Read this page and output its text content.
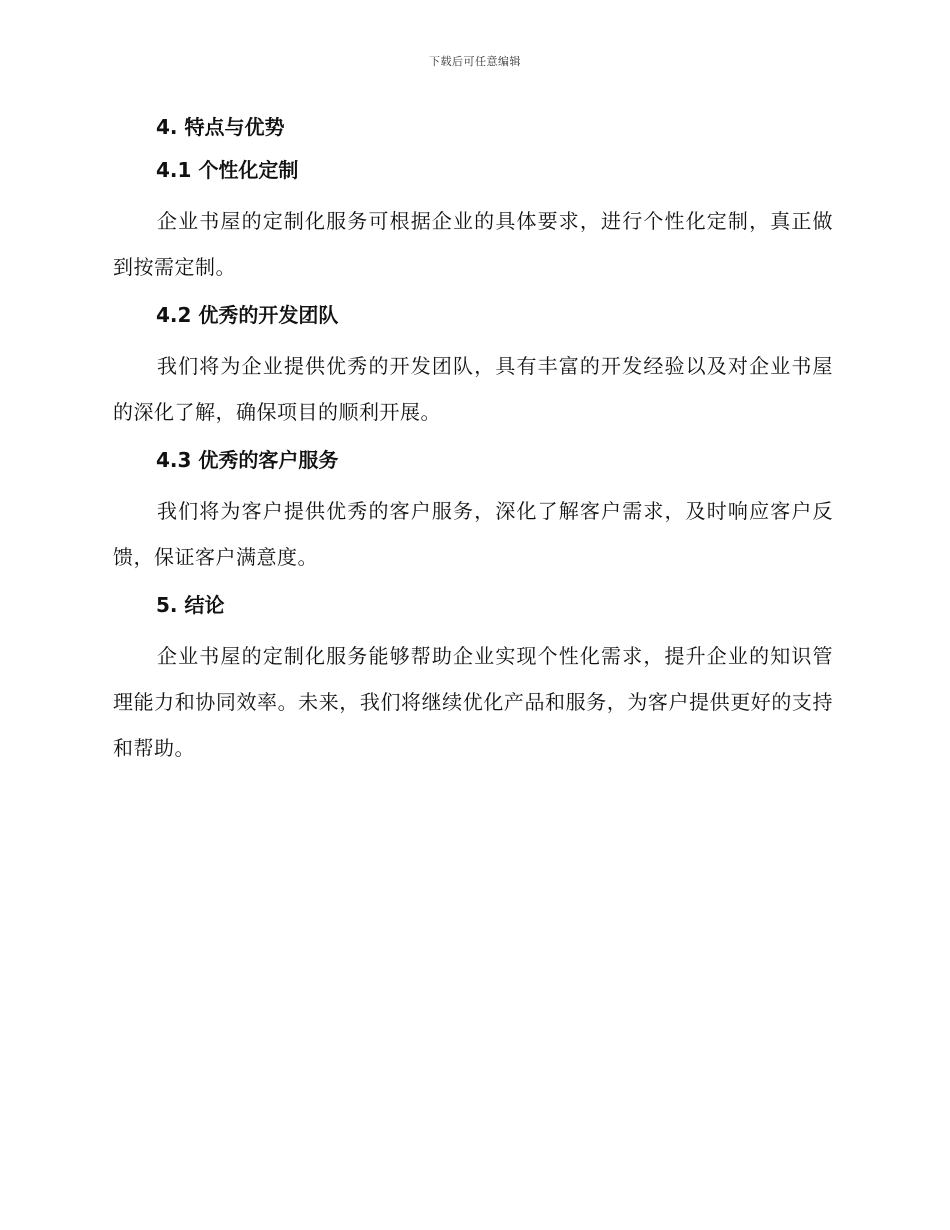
下载后可任意编辑
4. 特点与优势
4.1 个性化定制

企业书屋的定制化服务可根据企业的具体要求，进行个性化定制，真正做到按需定制。

4.2 优秀的开发团队

我们将为企业提供优秀的开发团队，具有丰富的开发经验以及对企业书屋的深化了解，确保项目的顺利开展。

4.3 优秀的客户服务

我们将为客户提供优秀的客户服务，深化了解客户需求，及时响应客户反馈，保证客户满意度。

5. 结论

企业书屋的定制化服务能够帮助企业实现个性化需求，提升企业的知识管理能力和协同效率。未来，我们将继续优化产品和服务，为客户提供更好的支持和帮助。
